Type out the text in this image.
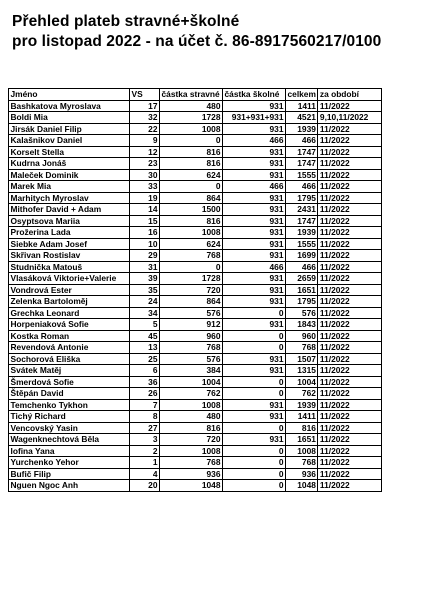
Přehled plateb stravné+školné
pro listopad 2022 - na účet č. 86-8917560217/0100
Jméno	VS	částka stravné	částka školné	celkem	za období
Bashkatova Myroslava	17	480	931	1411	11/2022
Boldi Mia	32	1728	931+931+931	4521	9,10,11/2022
Jirsák Daniel Filip	22	1008	931	1939	11/2022
Kalašnikov Daniel	9	0	466	466	11/2022
Korselt Stella	12	816	931	1747	11/2022
Kudrna Jonáš	23	816	931	1747	11/2022
Maleček Dominik	30	624	931	1555	11/2022
Marek Mia	33	0	466	466	11/2022
Marhitych Myroslav	19	864	931	1795	11/2022
Mithofer David + Adam	14	1500	931	2431	11/2022
Osyptsova Mariia	15	816	931	1747	11/2022
Prožerina Lada	16	1008	931	1939	11/2022
Siebke Adam Josef	10	624	931	1555	11/2022
Skřivan Rostislav	29	768	931	1699	11/2022
Studnička Matouš	31	0	466	466	11/2022
Vlasáková Viktorie+Valerie	39	1728	931	2659	11/2022
Vondrová Ester	35	720	931	1651	11/2022
Zelenka Bartoloměj	24	864	931	1795	11/2022
Grechka Leonard	34	576	0	576	11/2022
Horpeniaková Sofie	5	912	931	1843	11/2022
Kostka Roman	45	960	0	960	11/2022
Revendová Antonie	13	768	0	768	11/2022
Sochorová Eliška	25	576	931	1507	11/2022
Svátek Matěj	6	384	931	1315	11/2022
Šmerdová Sofie	36	1004	0	1004	11/2022
Štěpán David	26	762	0	762	11/2022
Temchenko Tykhon	7	1008	931	1939	11/2022
Tichý Richard	8	480	931	1411	11/2022
Vencovský Yasin	27	816	0	816	11/2022
Wagenknechtová Běla	3	720	931	1651	11/2022
Iofina Yana	2	1008	0	1008	11/2022
Yurchenko Yehor	1	768	0	768	11/2022
Bufič Filip	4	936	0	936	11/2022
Nguen Ngoc Anh	20	1048	0	1048	11/2022
